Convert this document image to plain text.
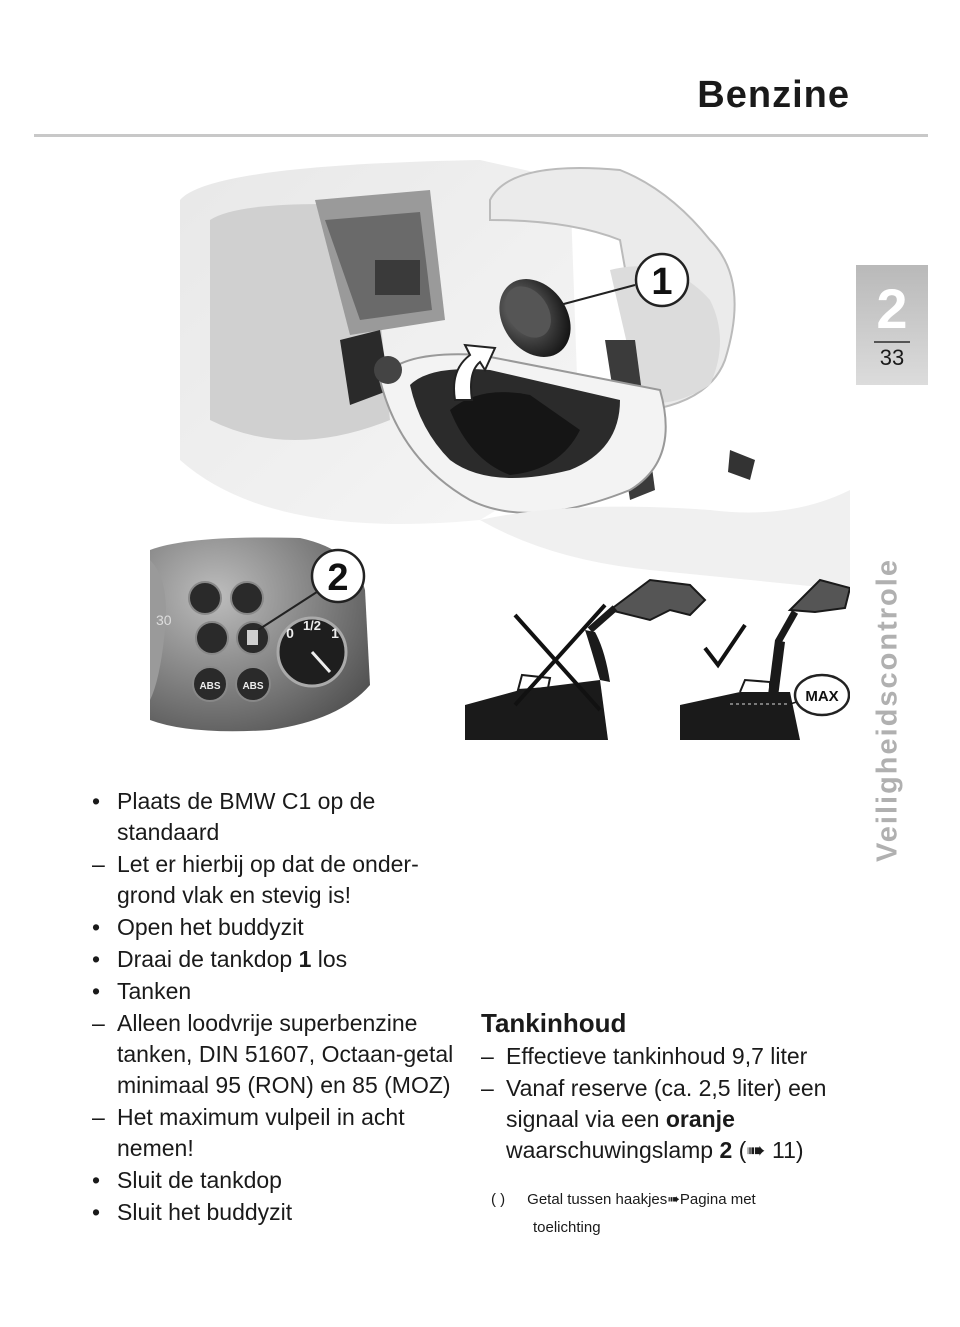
Benzine
2
33
Veiligheidscontrole
1
30
ABS ABS
0 1/2 1
2
MAX
• Plaats de BMW C1 op de standaard
– Let er hierbij op dat de onder-grond vlak en stevig is!
• Open het buddyzit
• Draai de tankdop 1 los
• Tanken
– Alleen loodvrije superbenzine tanken, DIN 51607, Octaan-getal minimaal 95 (RON) en 85 (MOZ)
– Het maximum vulpeil in acht nemen!
• Sluit de tankdop
• Sluit het buddyzit
Tankinhoud
– Effectieve tankinhoud 9,7 liter
– Vanaf reserve (ca. 2,5 liter) een signaal via een oranje waarschuwingslamp 2 (➠ 11)
( ) Getal tussen haakjes➠Pagina met
toelichting
